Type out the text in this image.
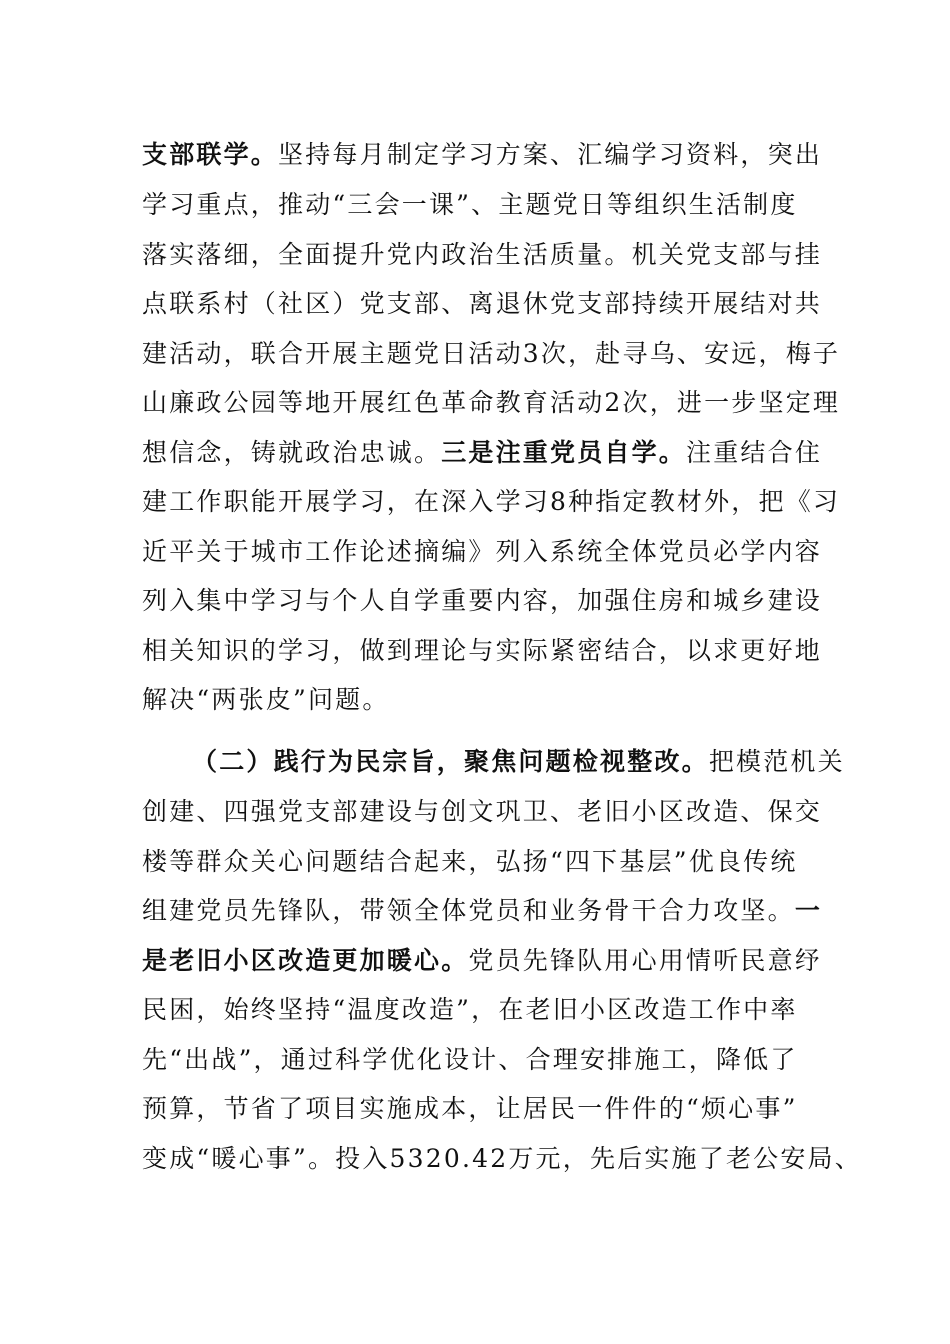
支部联学。坚持每月制定学习方案、汇编学习资料，突出
学习重点，推动“三会一课”、主题党日等组织生活制度
落实落细，全面提升党内政治生活质量。机关党支部与挂
点联系村（社区）党支部、离退休党支部持续开展结对共
建活动，联合开展主题党日活动3次，赴寻乌、安远，梅子
山廉政公园等地开展红色革命教育活动2次，进一步坚定理
想信念，铸就政治忠诚。三是注重党员自学。注重结合住
建工作职能开展学习，在深入学习8种指定教材外，把《习
近平关于城市工作论述摘编》列入系统全体党员必学内容
列入集中学习与个人自学重要内容，加强住房和城乡建设
相关知识的学习，做到理论与实际紧密结合，以求更好地
解决“两张皮”问题。
（二）践行为民宗旨，聚焦问题检视整改。把模范机关
创建、四强党支部建设与创文巩卫、老旧小区改造、保交
楼等群众关心问题结合起来，弘扬“四下基层”优良传统
组建党员先锋队，带领全体党员和业务骨干合力攻坚。一
是老旧小区改造更加暖心。党员先锋队用心用情听民意纾
民困，始终坚持“温度改造”，在老旧小区改造工作中率
先“出战”，通过科学优化设计、合理安排施工，降低了
预算，节省了项目实施成本，让居民一件件的“烦心事”
变成“暖心事”。投入5320.42万元，先后实施了老公安局、
